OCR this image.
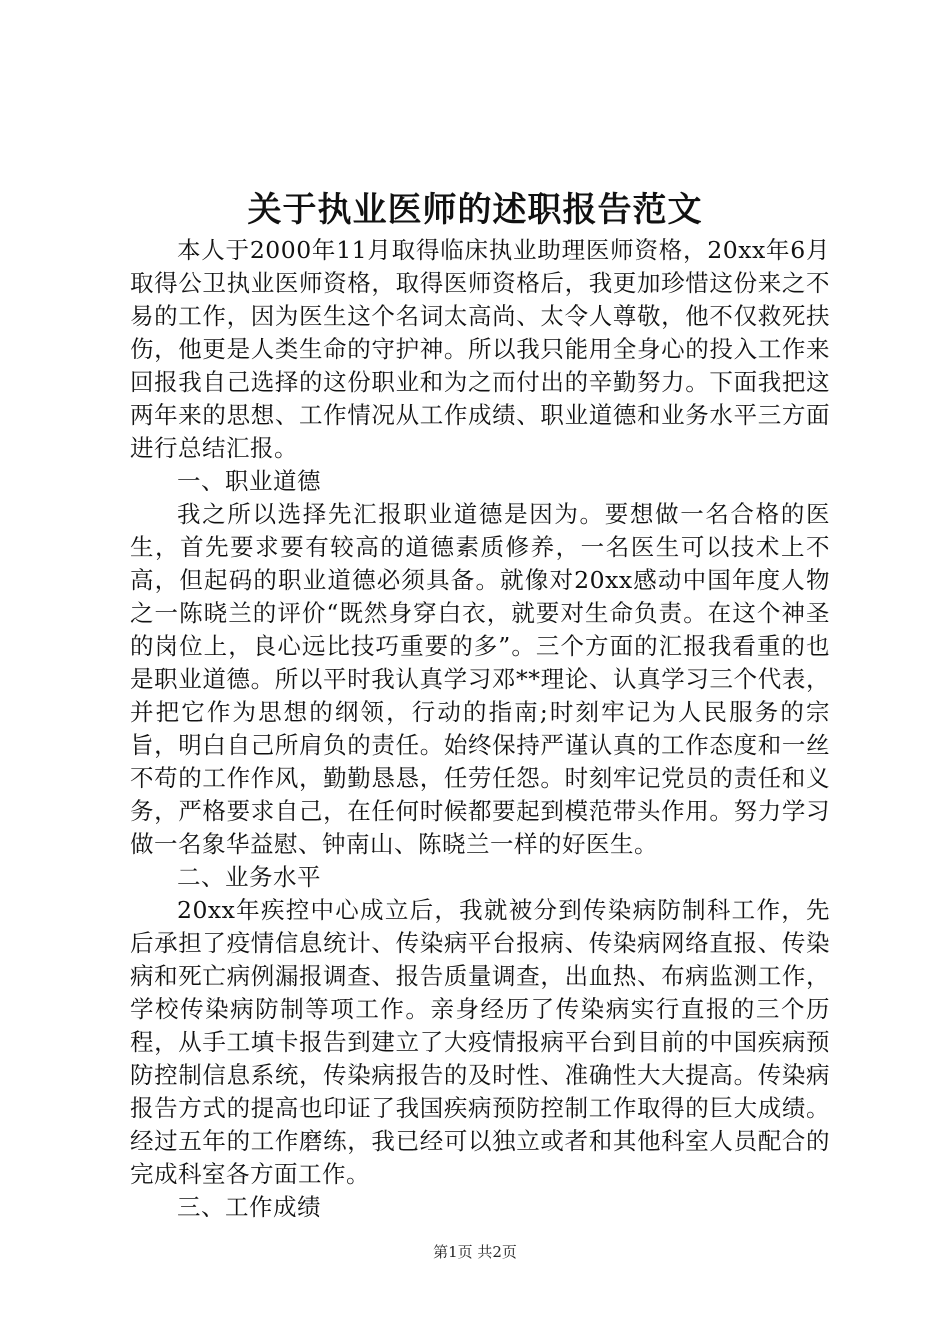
关于执业医师的述职报告范文

本人于2000年11月取得临床执业助理医师资格，20xx年6月取得公卫执业医师资格，取得医师资格后，我更加珍惜这份来之不易的工作，因为医生这个名词太高尚、太令人尊敬，他不仅救死扶伤，他更是人类生命的守护神。所以我只能用全身心的投入工作来回报我自己选择的这份职业和为之而付出的辛勤努力。下面我把这两年来的思想、工作情况从工作成绩、职业道德和业务水平三方面进行总结汇报。

一、职业道德

我之所以选择先汇报职业道德是因为。要想做一名合格的医生，首先要求要有较高的道德素质修养，一名医生可以技术上不高，但起码的职业道德必须具备。就像对20xx感动中国年度人物之一陈晓兰的评价“既然身穿白衣，就要对生命负责。在这个神圣的岗位上，良心远比技巧重要的多”。三个方面的汇报我看重的也是职业道德。所以平时我认真学习邓**理论、认真学习三个代表，并把它作为思想的纲领，行动的指南;时刻牢记为人民服务的宗旨，明白自己所肩负的责任。始终保持严谨认真的工作态度和一丝不苟的工作作风，勤勤恳恳，任劳任怨。时刻牢记党员的责任和义务，严格要求自己，在任何时候都要起到模范带头作用。努力学习做一名象华益慰、钟南山、陈晓兰一样的好医生。

二、业务水平

20xx年疾控中心成立后，我就被分到传染病防制科工作，先后承担了疫情信息统计、传染病平台报病、传染病网络直报、传染病和死亡病例漏报调查、报告质量调查，出血热、布病监测工作，学校传染病防制等项工作。亲身经历了传染病实行直报的三个历程，从手工填卡报告到建立了大疫情报病平台到目前的中国疾病预防控制信息系统，传染病报告的及时性、准确性大大提高。传染病报告方式的提高也印证了我国疾病预防控制工作取得的巨大成绩。经过五年的工作磨练，我已经可以独立或者和其他科室人员配合的完成科室各方面工作。

三、工作成绩

第1页 共2页
